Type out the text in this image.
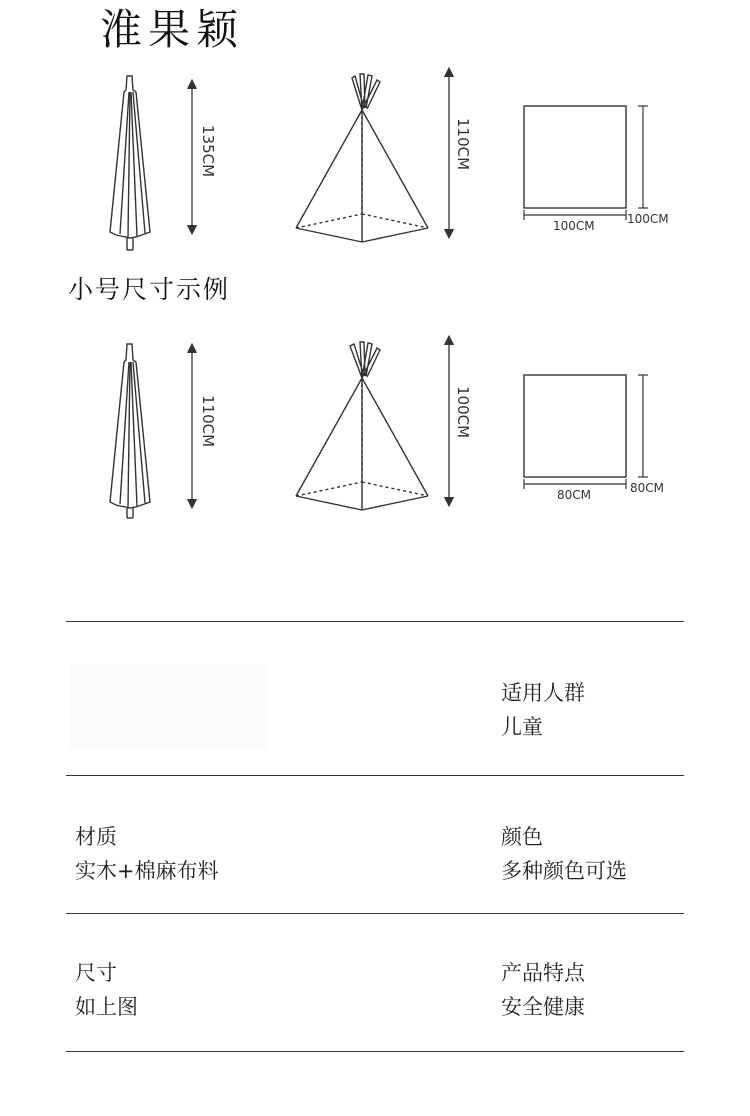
淮果颖
135CM	110CM
100CM	100CM
小号尺寸示例
110CM	100CM
80CM	80CM
适用人群
儿童
材质
实木+棉麻布料
颜色
多种颜色可选
尺寸
如上图
产品特点
安全健康
